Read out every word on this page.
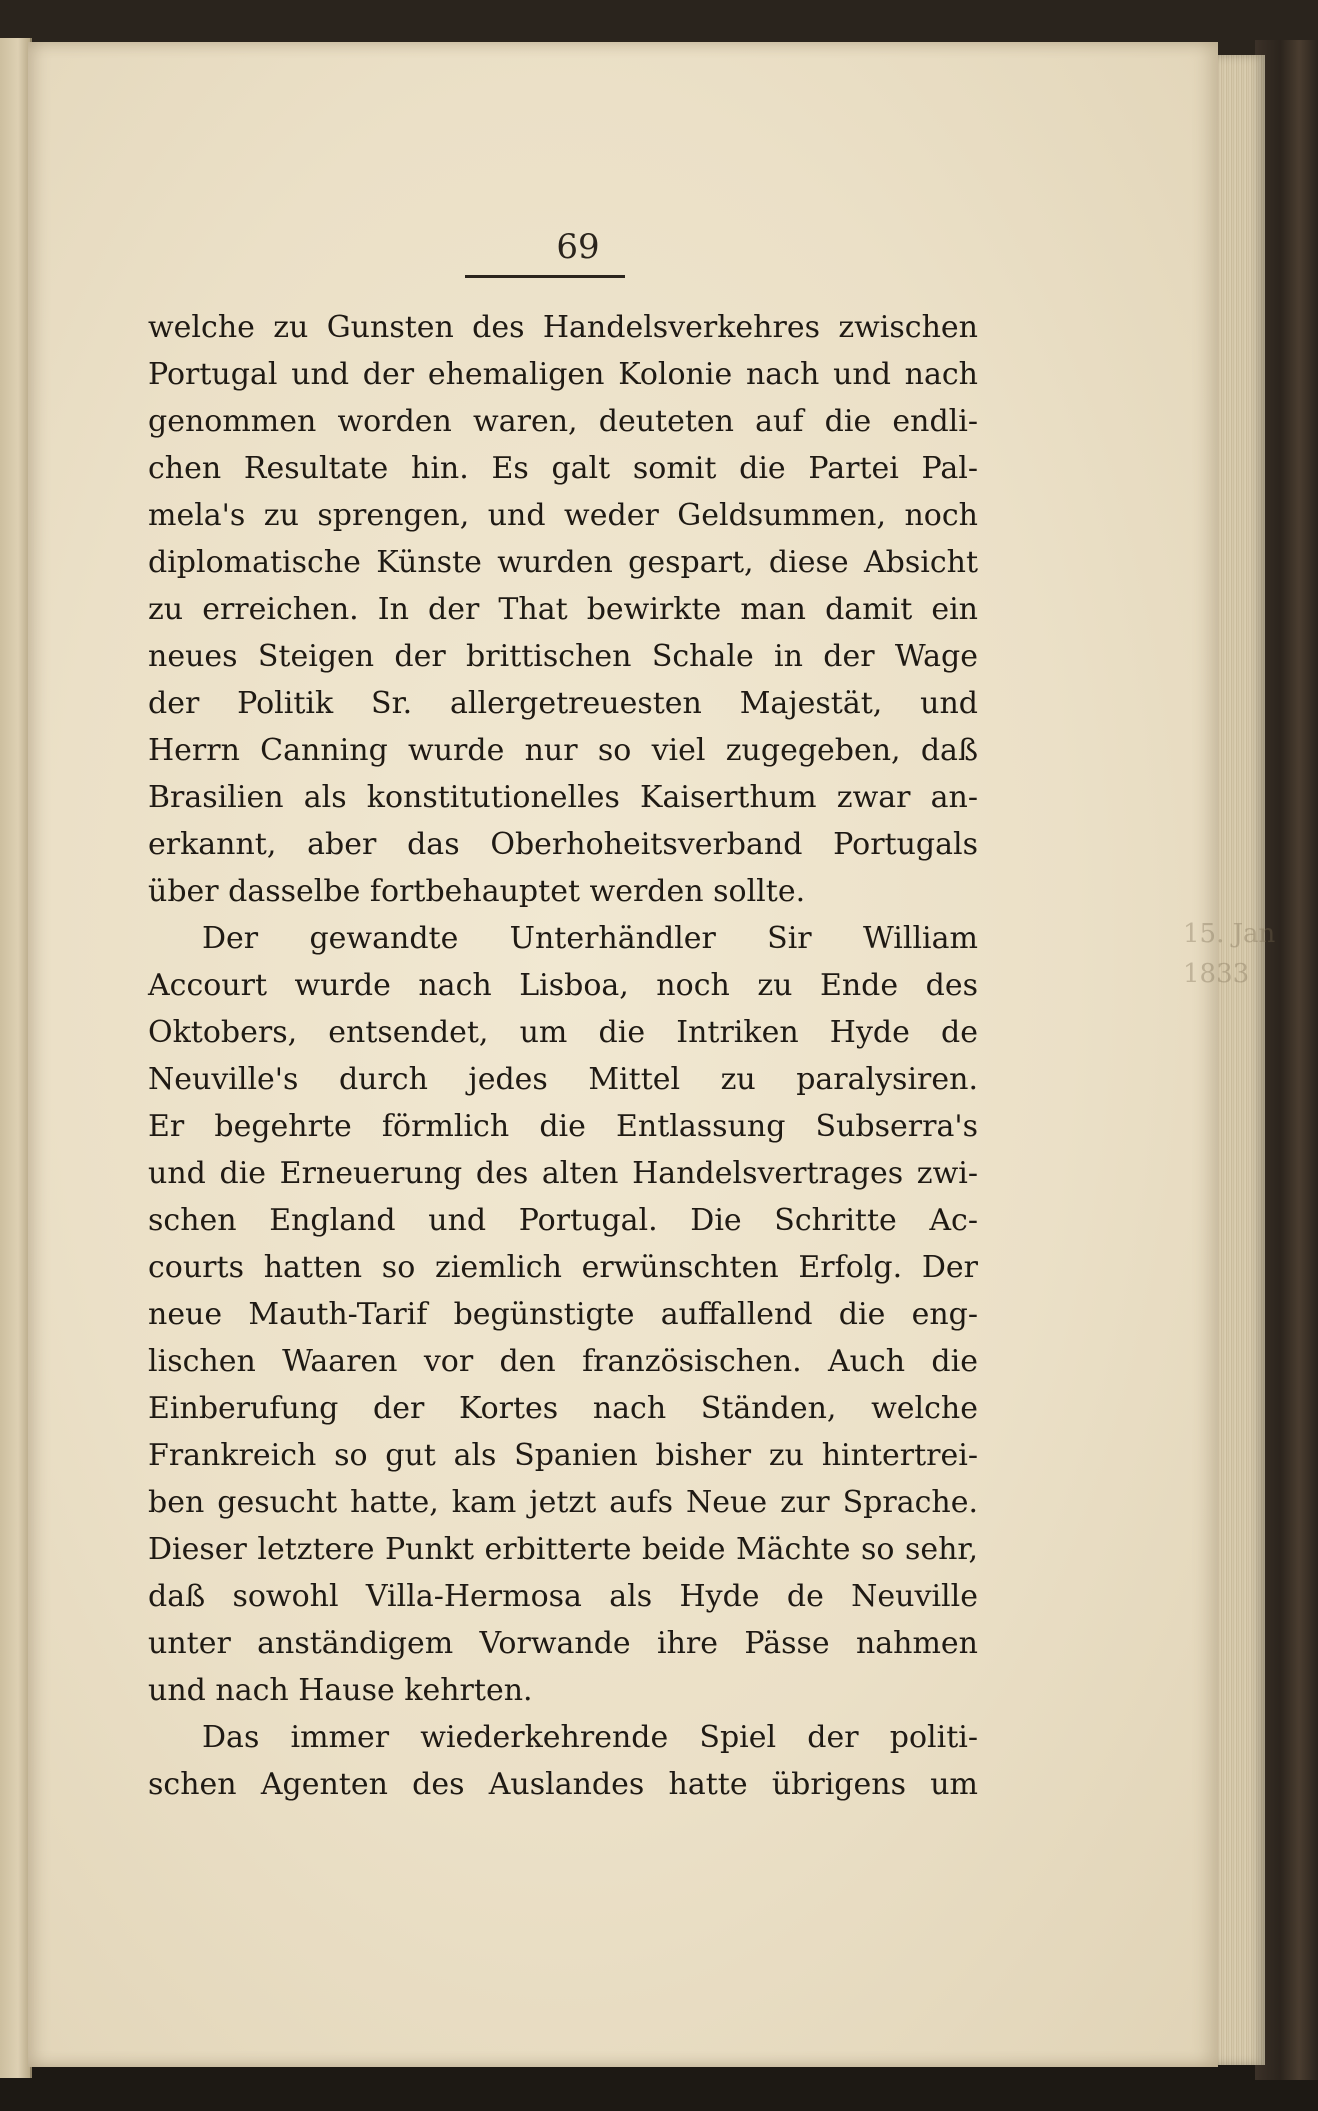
69
welche zu Gunsten des Handelsverkehres zwischen
Portugal und der ehemaligen Kolonie nach und nach
genommen worden waren, deuteten auf die endli-
chen Resultate hin. Es galt somit die Partei Pal-
mela's zu sprengen, und weder Geldsummen, noch
diplomatische Künste wurden gespart, diese Absicht
zu erreichen. In der That bewirkte man damit ein
neues Steigen der brittischen Schale in der Wage
der Politik Sr. allergetreuesten Majestät, und
Herrn Canning wurde nur so viel zugegeben, daß
Brasilien als konstitutionelles Kaiserthum zwar an-
erkannt, aber das Oberhoheitsverband Portugals
über dasselbe fortbehauptet werden sollte.
Der gewandte Unterhändler Sir William
Accourt wurde nach Lisboa, noch zu Ende des
Oktobers, entsendet, um die Intriken Hyde de
Neuville's durch jedes Mittel zu paralysiren.
Er begehrte förmlich die Entlassung Subserra's
und die Erneuerung des alten Handelsvertrages zwi-
schen England und Portugal. Die Schritte Ac-
courts hatten so ziemlich erwünschten Erfolg. Der
neue Mauth-Tarif begünstigte auffallend die eng-
lischen Waaren vor den französischen. Auch die
Einberufung der Kortes nach Ständen, welche
Frankreich so gut als Spanien bisher zu hintertrei-
ben gesucht hatte, kam jetzt aufs Neue zur Sprache.
Dieser letztere Punkt erbitterte beide Mächte so sehr,
daß sowohl Villa-Hermosa als Hyde de Neuville
unter anständigem Vorwande ihre Pässe nahmen
und nach Hause kehrten.
Das immer wiederkehrende Spiel der politi-
schen Agenten des Auslandes hatte übrigens um
15. Jan
1833
